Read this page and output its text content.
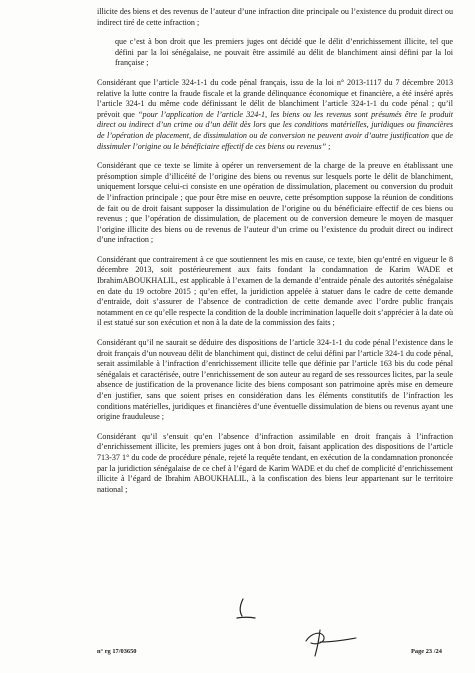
illicite des biens et des revenus de l’auteur d’une infraction dite principale ou l’existence du produit direct ou indirect tiré de cette infraction ;

que c’est à bon droit que les premiers juges ont décidé que le délit d’enrichissement illicite, tel que défini par la loi sénégalaise, ne pouvait être assimilé au délit de blanchiment ainsi défini par la loi française ;

Considérant que l’article 324-1-1 du code pénal français, issu de la loi n° 2013-1117 du 7 décembre 2013 relative la lutte contre la fraude fiscale et la grande délinquance économique et financière, a été inséré après l’article 324-1 du même code définissant le délit de blanchiment l’article 324-1-1 du code pénal ; qu’il prévoit que “pour l’application de l’article 324-1, les biens ou les revenus sont présumés être le produit direct ou indirect d’un crime ou d’un délit dès lors que les conditions matérielles, juridiques ou financières de l’opération de placement, de dissimulation ou de conversion ne peuvent avoir d’autre justification que de dissimuler l’origine ou le bénéficiaire effectif de ces biens ou revenus” ;

Considérant que ce texte se limite à opérer un renversement de la charge de la preuve en établissant une présomption simple d’illicéité de l’origine des biens ou revenus sur lesquels porte le délit de blanchiment, uniquement lorsque celui-ci consiste en une opération de dissimulation, placement ou conversion du produit de l’infraction principale ; que pour être mise en oeuvre, cette présomption suppose la réunion de conditions de fait ou de droit faisant supposer la dissimulation de l’origine ou du bénéficiaire effectif de ces biens ou revenus ; que l’opération de dissimulation, de placement ou de conversion demeure le moyen de masquer l’origine illicite des biens ou de revenus de l’auteur d’un crime ou l’existence du produit direct ou indirect d’une infraction ;

Considérant que contrairement à ce que soutiennent les mis en cause, ce texte, bien qu’entré en vigueur le 8 décembre 2013, soit postérieurement aux faits fondant la condamnation de Karim WADE et IbrahimABOUKHALIL, est applicable à l’examen de la demande d’entraide pénale des autorités sénégalaise en date du 19 octobre 2015 ; qu’en effet, la juridiction appelée à statuer dans le cadre de cette demande d’entraide, doit s’assurer de l’absence de contradiction de cette demande avec l’ordre public français notamment en ce qu’elle respecte la condition de la double incrimination laquelle doit s’apprécier à la date où il est statué sur son exécution et non à la date de la commission des faits ;

Considérant qu’il ne saurait se déduire des dispositions de l’article 324-1-1 du code pénal l’existence dans le droit français d’un nouveau délit de blanchiment qui, distinct de celui défini par l’article 324-1 du code pénal, serait assimilable à l’infraction d’enrichissement illicite telle que définie par l’article 163 bis du code pénal sénégalais et caractérisée, outre l’enrichissement de son auteur au regard de ses ressources licites, par la seule absence de justification de la provenance licite des biens composant son patrimoine après mise en demeure d’en justifier, sans que soient prises en considération dans les éléments constitutifs de l’infraction les conditions matérielles, juridiques et financières d’une éventuelle dissimulation de biens ou revenus ayant une origine frauduleuse ;

Considérant qu’il s’ensuit qu’en l’absence d’infraction assimilable en droit français à l’infraction d’enrichissement illicite, les premiers juges ont à bon droit, faisant application des dispositions de l’article 713-37 1° du code de procédure pénale, rejeté la requête tendant, en exécution de la condamnation prononcée par la juridiction sénégalaise de ce chef à l’égard de Karim WADE et du chef de complicité d’enrichissement illicite à l’égard de Ibrahim ABOUKHALIL, à la confiscation des biens leur appartenant sur le territoire national ;

n° rg 17/03650	Page 23 /24
